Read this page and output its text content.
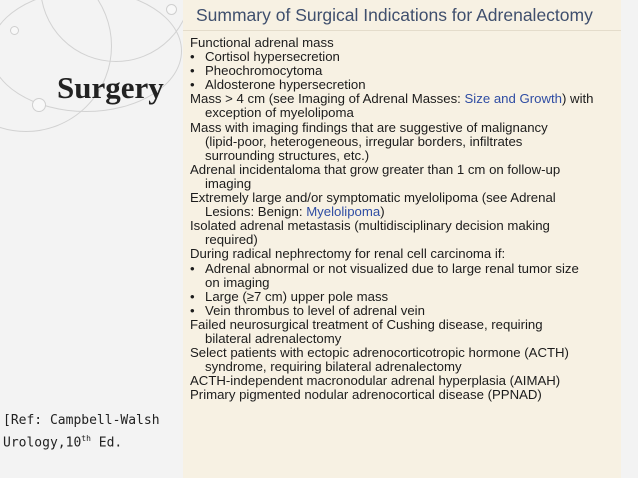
Surgery
[Ref: Campbell-Walsh
Urology,10th Ed.
Summary of Surgical Indications for Adrenalectomy
Functional adrenal mass
• Cortisol hypersecretion
• Pheochromocytoma
• Aldosterone hypersecretion
Mass > 4 cm (see Imaging of Adrenal Masses: Size and Growth) with
exception of myelolipoma
Mass with imaging findings that are suggestive of malignancy
(lipid-poor, heterogeneous, irregular borders, infiltrates
surrounding structures, etc.)
Adrenal incidentaloma that grow greater than 1 cm on follow-up
imaging
Extremely large and/or symptomatic myelolipoma (see Adrenal
Lesions: Benign: Myelolipoma)
Isolated adrenal metastasis (multidisciplinary decision making
required)
During radical nephrectomy for renal cell carcinoma if:
• Adrenal abnormal or not visualized due to large renal tumor size
on imaging
• Large (≥7 cm) upper pole mass
• Vein thrombus to level of adrenal vein
Failed neurosurgical treatment of Cushing disease, requiring
bilateral adrenalectomy
Select patients with ectopic adrenocorticotropic hormone (ACTH)
syndrome, requiring bilateral adrenalectomy
ACTH-independent macronodular adrenal hyperplasia (AIMAH)
Primary pigmented nodular adrenocortical disease (PPNAD)
